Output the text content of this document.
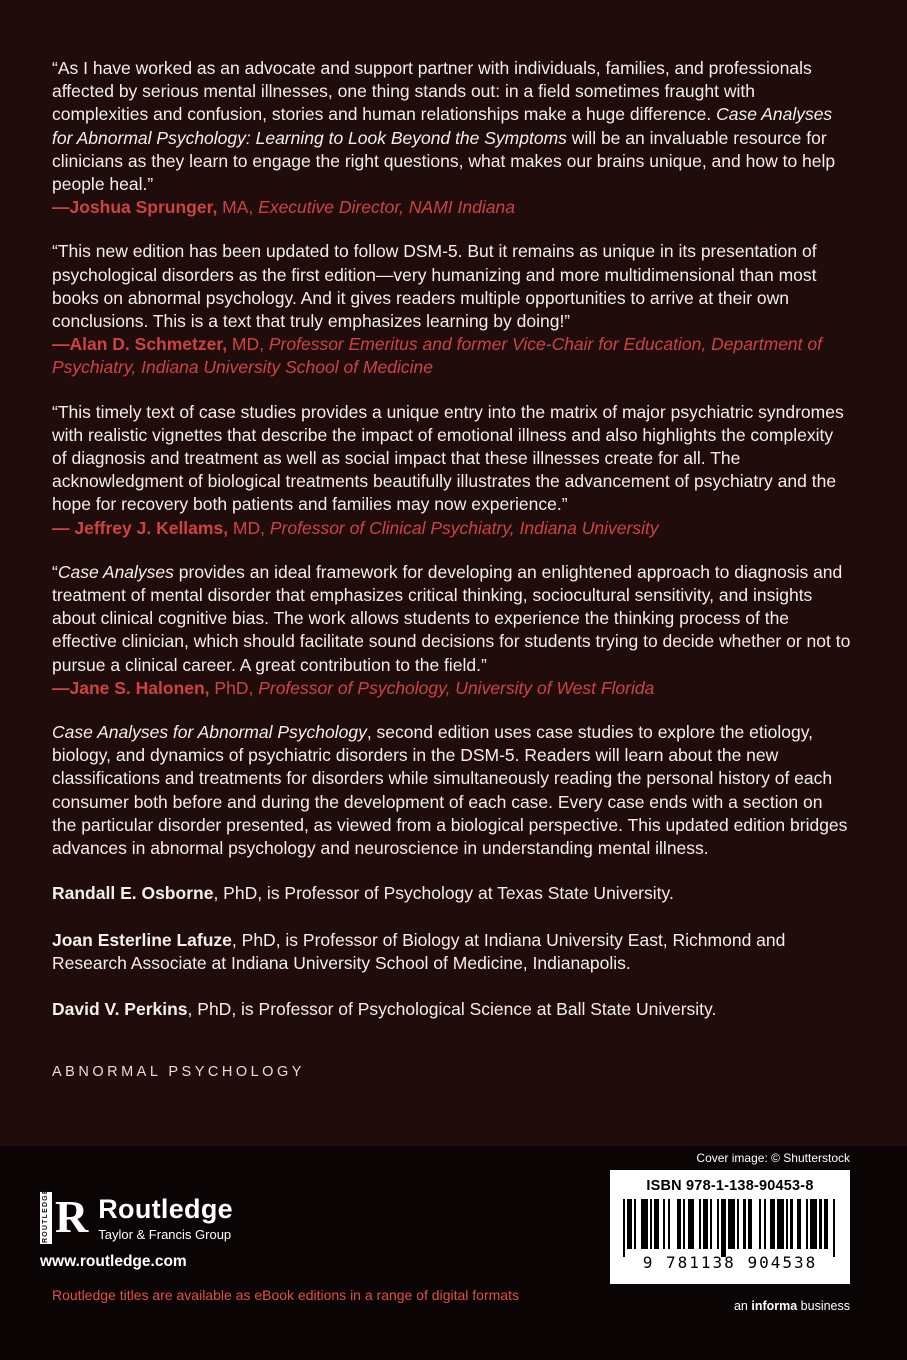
“As I have worked as an advocate and support partner with individuals, families, and professionals affected by serious mental illnesses, one thing stands out: in a field sometimes fraught with complexities and confusion, stories and human relationships make a huge difference. Case Analyses for Abnormal Psychology: Learning to Look Beyond the Symptoms will be an invaluable resource for clinicians as they learn to engage the right questions, what makes our brains unique, and how to help people heal.”

—Joshua Sprunger, MA, Executive Director, NAMI Indiana

“This new edition has been updated to follow DSM-5. But it remains as unique in its presentation of psychological disorders as the first edition—very humanizing and more multidimensional than most books on abnormal psychology. And it gives readers multiple opportunities to arrive at their own conclusions. This is a text that truly emphasizes learning by doing!”

—Alan D. Schmetzer, MD, Professor Emeritus and former Vice-Chair for Education, Department of Psychiatry, Indiana University School of Medicine

“This timely text of case studies provides a unique entry into the matrix of major psychiatric syndromes with realistic vignettes that describe the impact of emotional illness and also highlights the complexity of diagnosis and treatment as well as social impact that these illnesses create for all. The acknowledgment of biological treatments beautifully illustrates the advancement of psychiatry and the hope for recovery both patients and families may now experience.”

— Jeffrey J. Kellams, MD, Professor of Clinical Psychiatry, Indiana University

“Case Analyses provides an ideal framework for developing an enlightened approach to diagnosis and treatment of mental disorder that emphasizes critical thinking, sociocultural sensitivity, and insights about clinical cognitive bias. The work allows students to experience the thinking process of the effective clinician, which should facilitate sound decisions for students trying to decide whether or not to pursue a clinical career. A great contribution to the field.”

—Jane S. Halonen, PhD, Professor of Psychology, University of West Florida

Case Analyses for Abnormal Psychology, second edition uses case studies to explore the etiology, biology, and dynamics of psychiatric disorders in the DSM-5. Readers will learn about the new classifications and treatments for disorders while simultaneously reading the personal history of each consumer both before and during the development of each case. Every case ends with a section on the particular disorder presented, as viewed from a biological perspective. This updated edition bridges advances in abnormal psychology and neuroscience in understanding mental illness.

Randall E. Osborne, PhD, is Professor of Psychology at Texas State University.

Joan Esterline Lafuze, PhD, is Professor of Biology at Indiana University East, Richmond and Research Associate at Indiana University School of Medicine, Indianapolis.

David V. Perkins, PhD, is Professor of Psychological Science at Ball State University.

ABNORMAL PSYCHOLOGY
Cover image: © Shutterstock
ISBN 978-1-138-90453-8
9 781138 904538
ROUTLEDGE R Routledge
Taylor & Francis Group
www.routledge.com
Routledge titles are available as eBook editions in a range of digital formats
an informa business
